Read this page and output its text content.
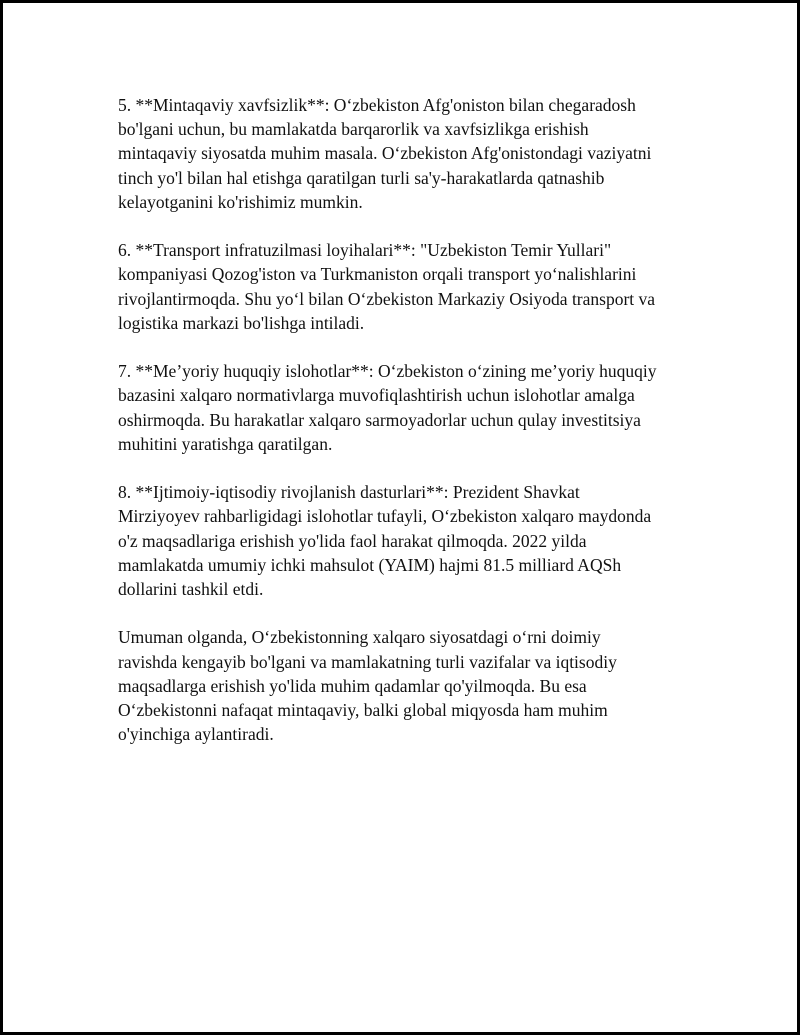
5. **Mintaqaviy xavfsizlik**: O‘zbekiston Afg'oniston bilan chegaradosh
bo'lgani uchun, bu mamlakatda barqarorlik va xavfsizlikga erishish
mintaqaviy siyosatda muhim masala. O‘zbekiston Afg'onistondagi vaziyatni
tinch yo'l bilan hal etishga qaratilgan turli sa'y-harakatlarda qatnashib
kelayotganini ko'rishimiz mumkin.

6. **Transport infratuzilmasi loyihalari**: "Uzbekiston Temir Yullari"
kompaniyasi Qozog'iston va Turkmaniston orqali transport yo‘nalishlarini
rivojlantirmoqda. Shu yo‘l bilan O‘zbekiston Markaziy Osiyoda transport va
logistika markazi bo'lishga intiladi.

7. **Me’yoriy huquqiy islohotlar**: O‘zbekiston o‘zining me’yoriy huquqiy
bazasini xalqaro normativlarga muvofiqlashtirish uchun islohotlar amalga
oshirmoqda. Bu harakatlar xalqaro sarmoyadorlar uchun qulay investitsiya
muhitini yaratishga qaratilgan.

8. **Ijtimoiy-iqtisodiy rivojlanish dasturlari**: Prezident Shavkat
Mirziyoyev rahbarligidagi islohotlar tufayli, O‘zbekiston xalqaro maydonda
o'z maqsadlariga erishish yo'lida faol harakat qilmoqda. 2022 yilda
mamlakatda umumiy ichki mahsulot (YAIM) hajmi 81.5 milliard AQSh
dollarini tashkil etdi.

Umuman olganda, O‘zbekistonning xalqaro siyosatdagi o‘rni doimiy
ravishda kengayib bo'lgani va mamlakatning turli vazifalar va iqtisodiy
maqsadlarga erishish yo'lida muhim qadamlar qo'yilmoqda. Bu esa
O‘zbekistonni nafaqat mintaqaviy, balki global miqyosda ham muhim
o'yinchiga aylantiradi.
